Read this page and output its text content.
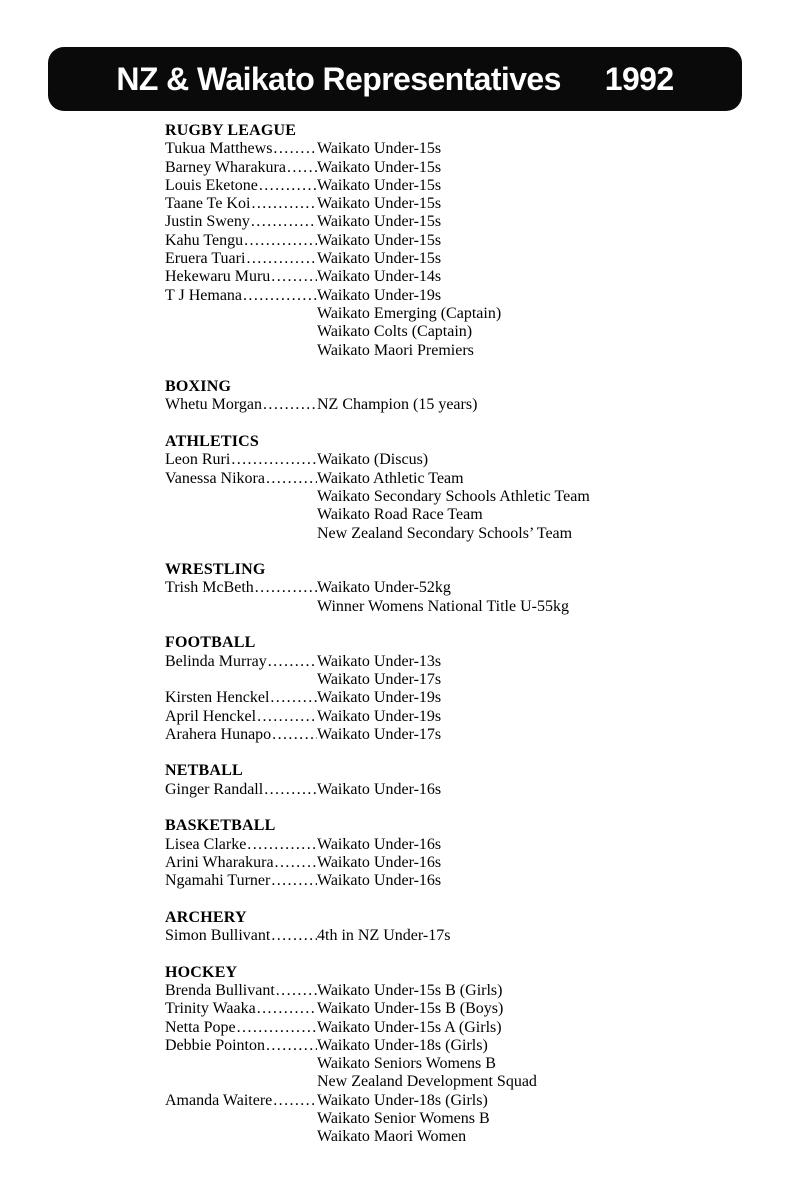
NZ & Waikato Representatives 1992
RUGBY LEAGUE
Tukua Matthews .....	Waikato Under-15s
Barney Wharakura ..... Waikato Under-15s
Louis Eketone .....	Waikato Under-15s
Taane Te Koi .....	Waikato Under-15s
Justin Sweny .....	Waikato Under-15s
Kahu Tengu .....	Waikato Under-15s
Eruera Tuari .....	Waikato Under-15s
Hekewaru Muru .....	Waikato Under-14s
T J Hemana .....	Waikato Under-19s
Waikato Emerging (Captain)
Waikato Colts (Captain)
Waikato Maori Premiers
BOXING
Whetu Morgan .....	NZ Champion (15 years)
ATHLETICS
Leon Ruri .....	Waikato (Discus)
Vanessa Nikora .....	Waikato Athletic Team
Waikato Secondary Schools Athletic Team
Waikato Road Race Team
New Zealand Secondary Schools’ Team
WRESTLING
Trish McBeth .....	Waikato Under-52kg
Winner Womens National Title U-55kg
FOOTBALL
Belinda Murray .....	Waikato Under-13s
Waikato Under-17s
Kirsten Henckel .....	Waikato Under-19s
April Henckel .....	Waikato Under-19s
Arahera Hunapo .....	Waikato Under-17s
NETBALL
Ginger Randall .....	Waikato Under-16s
BASKETBALL
Lisea Clarke .....	Waikato Under-16s
Arini Wharakura .....	Waikato Under-16s
Ngamahi Turner .....	Waikato Under-16s
ARCHERY
Simon Bullivant .....	4th in NZ Under-17s
HOCKEY
Brenda Bullivant .....	Waikato Under-15s B (Girls)
Trinity Waaka .....	Waikato Under-15s B (Boys)
Netta Pope .....	Waikato Under-15s A (Girls)
Debbie Pointon .....	Waikato Under-18s (Girls)
Waikato Seniors Womens B
New Zealand Development Squad
Amanda Waitere .....	Waikato Under-18s (Girls)
Waikato Senior Womens B
Waikato Maori Women
